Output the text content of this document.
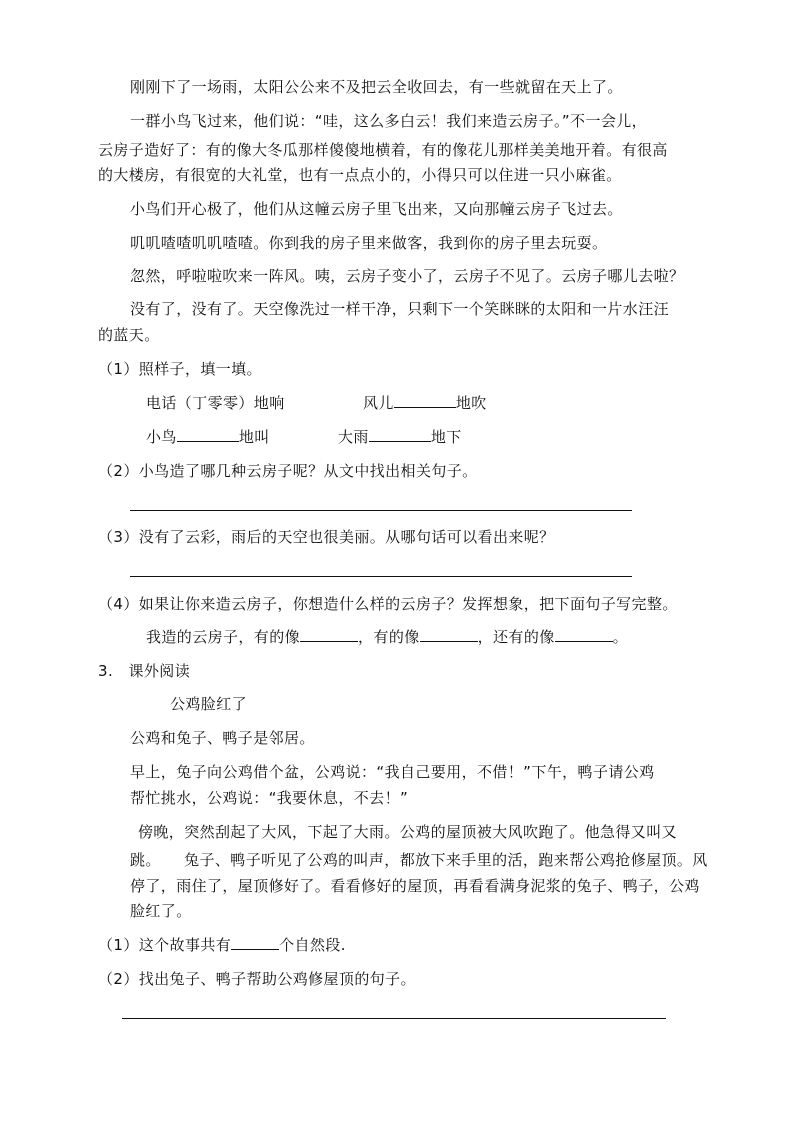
刚刚下了一场雨，太阳公公来不及把云全收回去，有一些就留在天上了。
一群小鸟飞过来，他们说：“哇，这么多白云！我们来造云房子。”不一会儿，
云房子造好了：有的像大冬瓜那样傻傻地横着，有的像花儿那样美美地开着。有很高
的大楼房，有很宽的大礼堂，也有一点点小的，小得只可以住进一只小麻雀。
小鸟们开心极了，他们从这幢云房子里飞出来，又向那幢云房子飞过去。
叽叽喳喳叽叽喳喳。你到我的房子里来做客，我到你的房子里去玩耍。
忽然，呼啦啦吹来一阵风。咦，云房子变小了，云房子不见了。云房子哪儿去啦？
没有了，没有了。天空像洗过一样干净，只剩下一个笑眯眯的太阳和一片水汪汪
的蓝天。
（1）照样子，填一填。
电话（丁零零）地响	风儿	地吹
小鸟	地叫	大雨	地下
（2）小鸟造了哪几种云房子呢？从文中找出相关句子。
（3）没有了云彩，雨后的天空也很美丽。从哪句话可以看出来呢？
（4）如果让你来造云房子，你想造什么样的云房子？发挥想象，把下面句子写完整。
我造的云房子，有的像	，有的像	，还有的像	。
3.　课外阅读
公鸡脸红了
公鸡和兔子、鸭子是邻居。
早上，兔子向公鸡借个盆，公鸡说：“我自己要用，不借！”下午，鸭子请公鸡
帮忙挑水，公鸡说：“我要休息，不去！”
傍晚，突然刮起了大风，下起了大雨。公鸡的屋顶被大风吹跑了。他急得又叫又
跳。　　兔子、鸭子听见了公鸡的叫声，都放下来手里的活，跑来帮公鸡抢修屋顶。风
停了，雨住了，屋顶修好了。看看修好的屋顶，再看看满身泥浆的兔子、鸭子，公鸡
脸红了。
（1）这个故事共有	个自然段.
（2）找出兔子、鸭子帮助公鸡修屋顶的句子。
